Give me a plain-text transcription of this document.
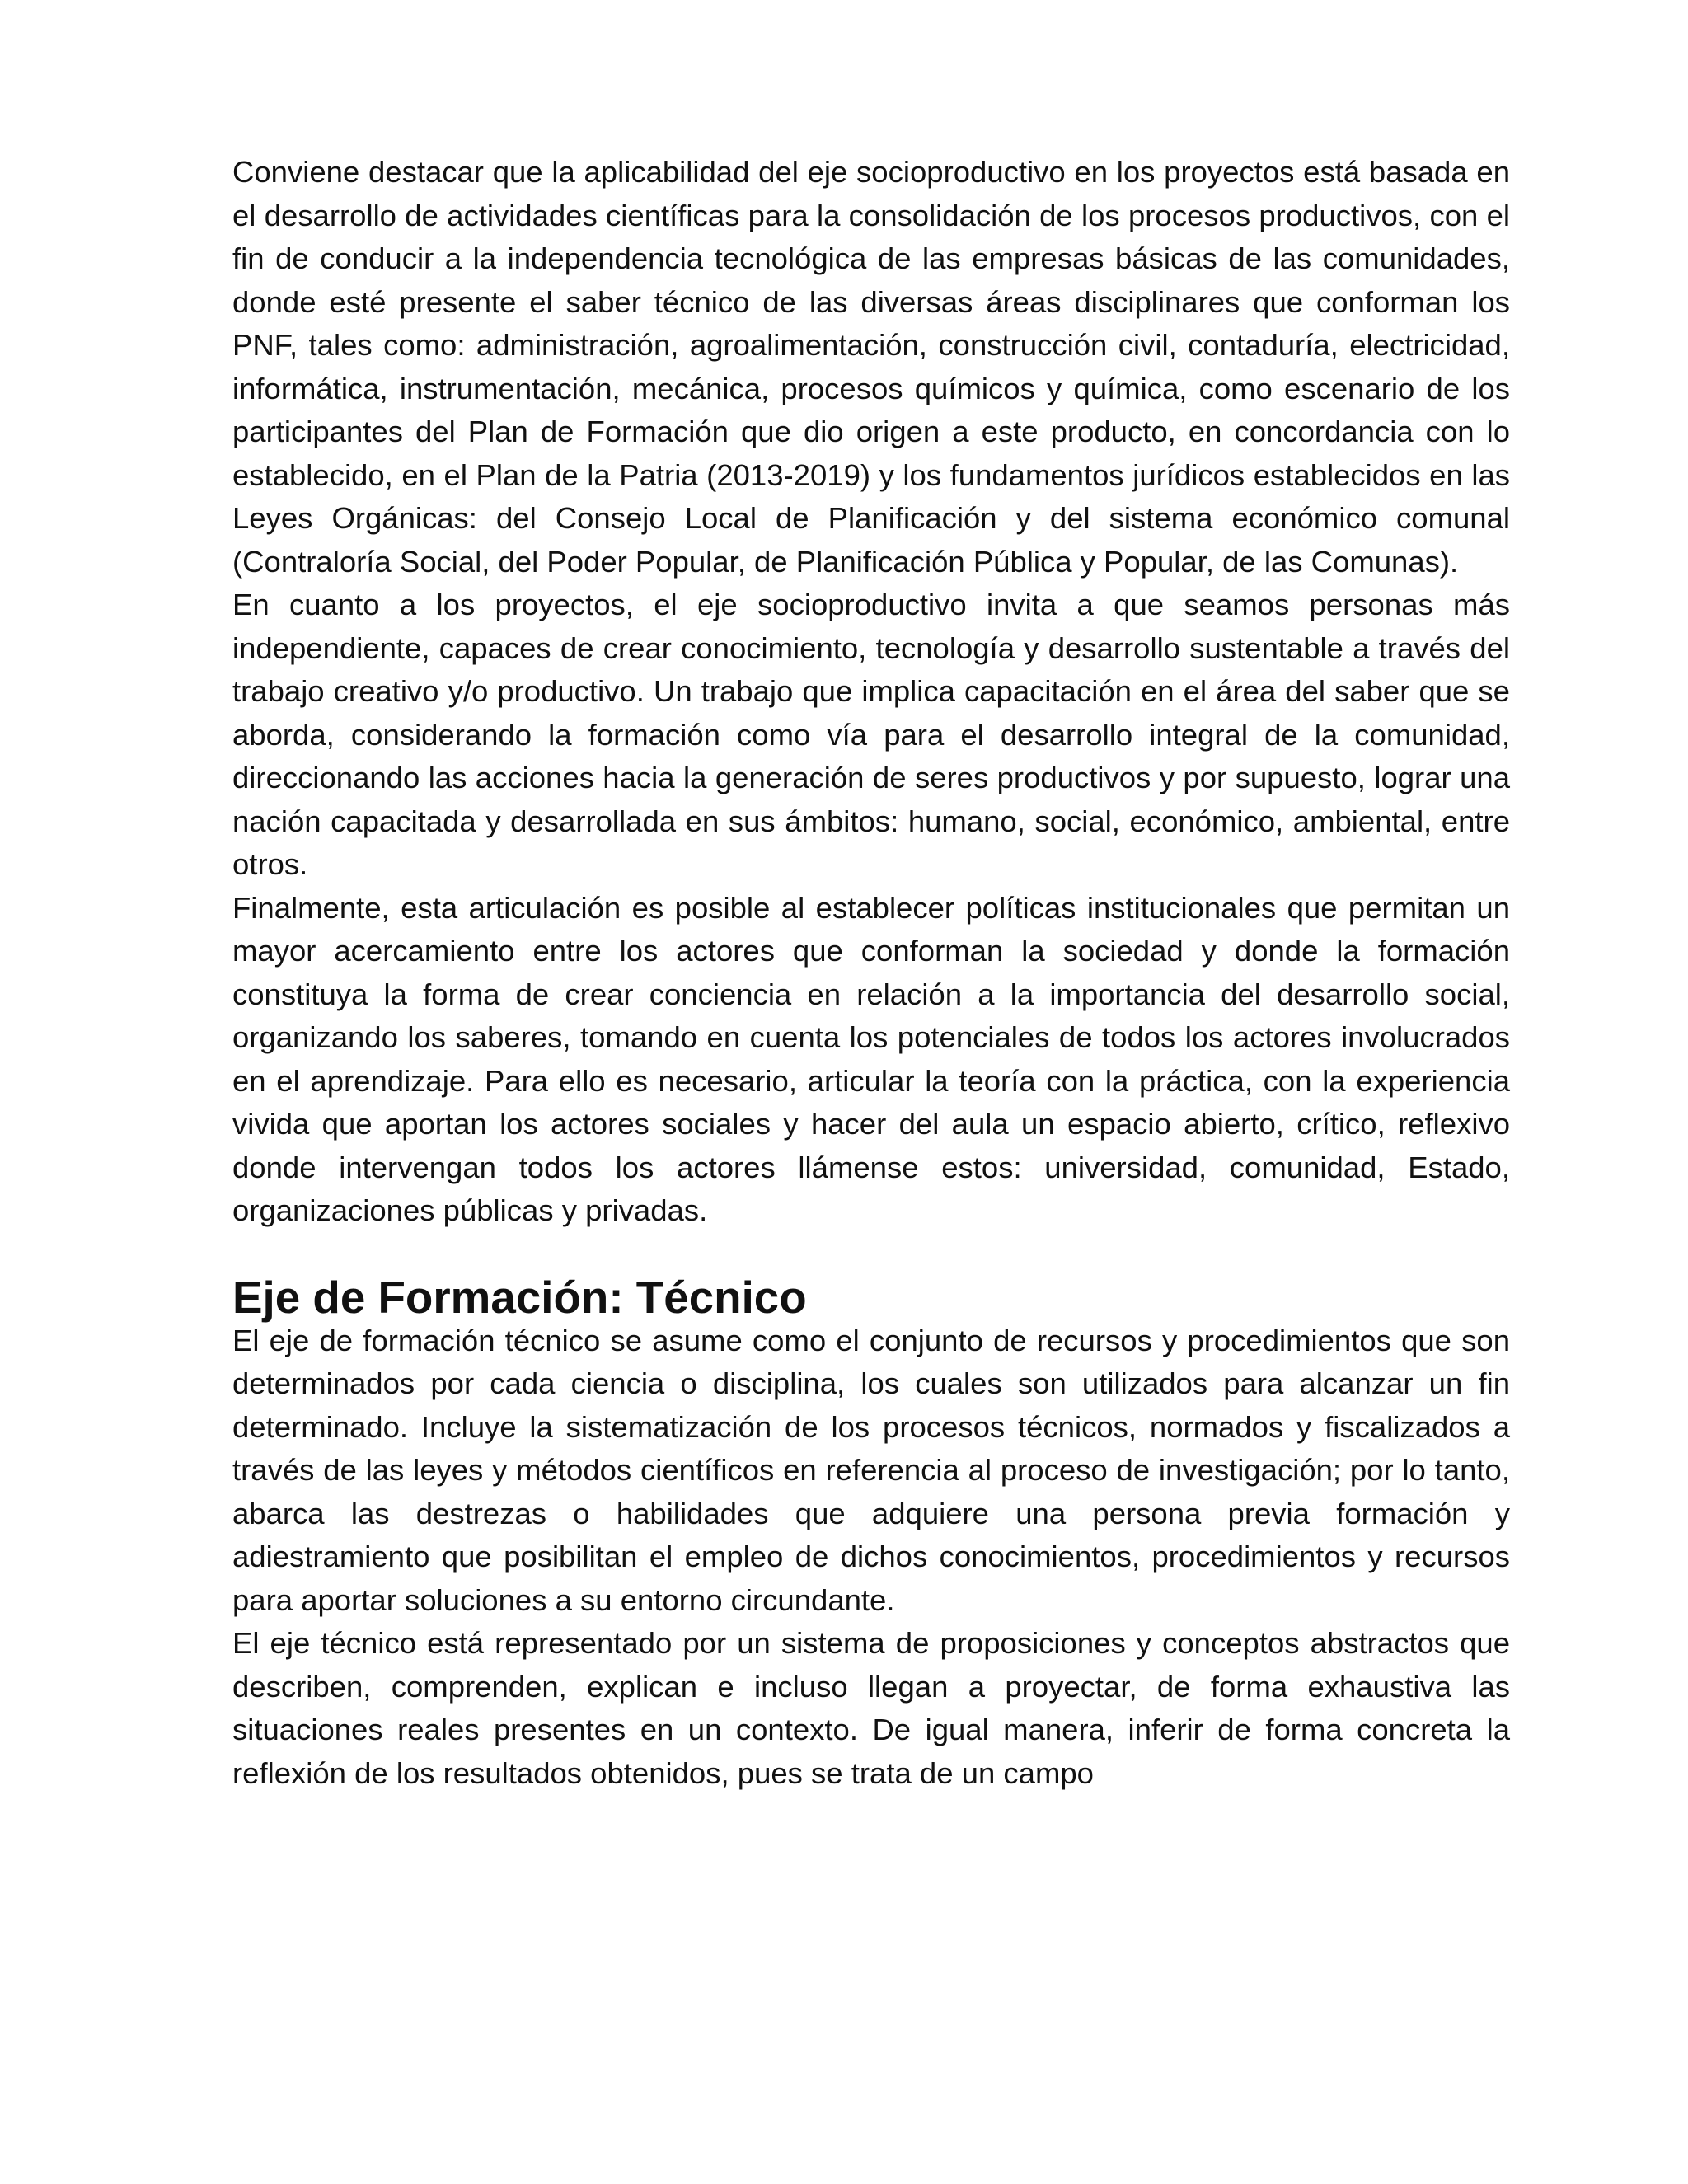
Conviene destacar que la aplicabilidad del eje socioproductivo en los proyectos está basada en el desarrollo de actividades científicas para la consolidación de los procesos productivos, con el fin de conducir a la independencia tecnológica de las empresas básicas de las comunidades, donde esté presente el saber técnico de las diversas áreas disciplinares que conforman los PNF, tales como: administración, agroalimentación, construcción civil, contaduría, electricidad, informática, instrumentación, mecánica, procesos químicos y química, como escenario de los participantes del Plan de Formación que dio origen a este producto, en concordancia con lo establecido, en el Plan de la Patria (2013-2019) y los fundamentos jurídicos establecidos en las Leyes Orgánicas: del Consejo Local de Planificación y del sistema económico comunal (Contraloría Social, del Poder Popular, de Planificación Pública y Popular, de las Comunas).

En cuanto a los proyectos, el eje socioproductivo invita a que seamos personas más independiente, capaces de crear conocimiento, tecnología y desarrollo sustentable a través del trabajo creativo y/o productivo. Un trabajo que implica capacitación en el área del saber que se aborda, considerando la formación como vía para el desarrollo integral de la comunidad, direccionando las acciones hacia la generación de seres productivos y por supuesto, lograr una nación capacitada y desarrollada en sus ámbitos: humano, social, económico, ambiental, entre otros.

Finalmente, esta articulación es posible al establecer políticas institucionales que permitan un mayor acercamiento entre los actores que conforman la sociedad y donde la formación constituya la forma de crear conciencia en relación a la importancia del desarrollo social, organizando los saberes, tomando en cuenta los potenciales de todos los actores involucrados en el aprendizaje. Para ello es necesario, articular la teoría con la práctica, con la experiencia vivida que aportan los actores sociales y hacer del aula un espacio abierto, crítico, reflexivo donde intervengan todos los actores llámense estos: universidad, comunidad, Estado, organizaciones públicas y privadas.

Eje de Formación: Técnico

El eje de formación técnico se asume como el conjunto de recursos y procedimientos que son determinados por cada ciencia o disciplina, los cuales son utilizados para alcanzar un fin determinado. Incluye la sistematización de los procesos técnicos, normados y fiscalizados a través de las leyes y métodos científicos en referencia al proceso de investigación; por lo tanto, abarca las destrezas o habilidades que adquiere una persona previa formación y adiestramiento que posibilitan el empleo de dichos conocimientos, procedimientos y recursos para aportar soluciones a su entorno circundante.

El eje técnico está representado por un sistema de proposiciones y conceptos abstractos que describen, comprenden, explican e incluso llegan a proyectar, de forma exhaustiva las situaciones reales presentes en un contexto. De igual manera, inferir de forma concreta la reflexión de los resultados obtenidos, pues se trata de un campo
